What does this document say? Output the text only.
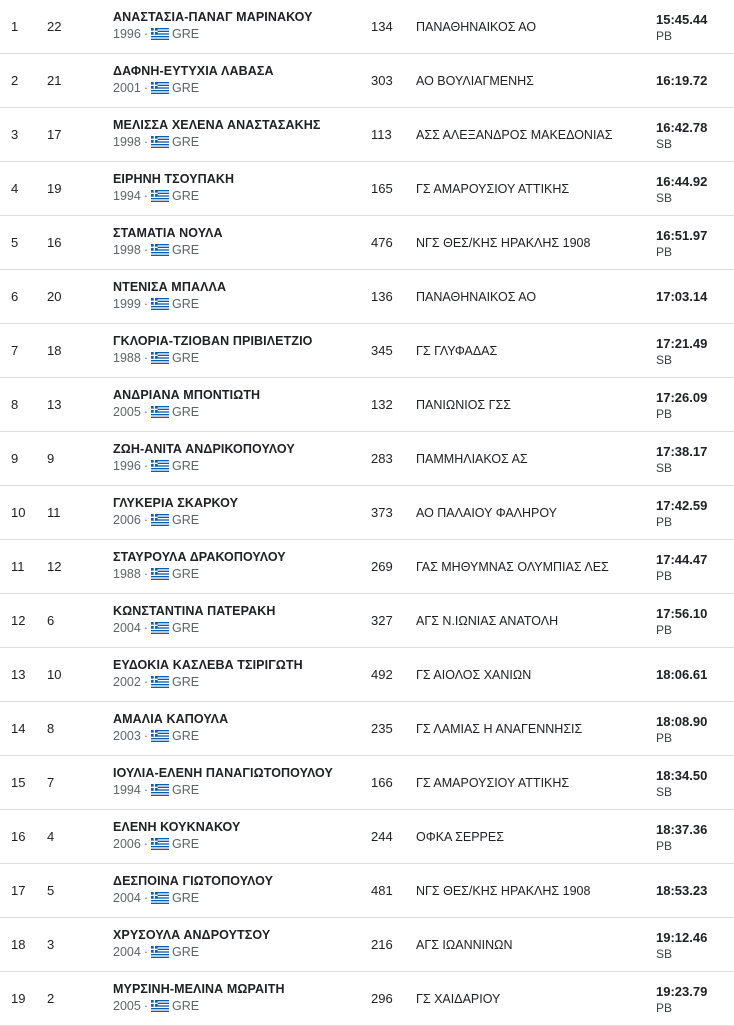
1 22
ΑΝΑΣΤΑΣΙΑ-ΠΑΝΑΓ ΜΑΡΙΝΑΚΟΥ
1996 · GRE	134 ΠΑΝΑΘΗΝΑΙΚΟΣ ΑΟ	15:45.44
PB
2 21
ΔΑΦΝΗ-ΕΥΤΥΧΙΑ ΛΑΒΑΣΑ
2001 · GRE	303 ΑΟ ΒΟΥΛΙΑΓΜΕΝΗΣ	16:19.72
3 17
ΜΕΛΙΣΣΑ ΧΕΛΕΝΑ ΑΝΑΣΤΑΣΑΚΗΣ
1998 · GRE	113 ΑΣΣ ΑΛΕΞΑΝΔΡΟΣ ΜΑΚΕΔΟΝΙΑΣ	16:42.78
SB
4 19
ΕΙΡΗΝΗ ΤΣΟΥΠΑΚΗ
1994 · GRE	165 ΓΣ ΑΜΑΡΟΥΣΙΟΥ ΑΤΤΙΚΗΣ	16:44.92
SB
5 16
ΣΤΑΜΑΤΙΑ ΝΟΥΛΑ
1998 · GRE	476 ΝΓΣ ΘΕΣ/ΚΗΣ ΗΡΑΚΛΗΣ 1908	16:51.97
PB
6 20
ΝΤΕΝΙΣΑ ΜΠΑΛΛΑ
1999 · GRE	136 ΠΑΝΑΘΗΝΑΙΚΟΣ ΑΟ	17:03.14
7 18
ΓΚΛΟΡΙΑ-ΤΖΙΟΒΑΝ ΠΡΙΒΙΛΕΤΖΙΟ
1988 · GRE	345 ΓΣ ΓΛΥΦΑΔΑΣ	17:21.49
SB
8 13
ΑΝΔΡΙΑΝΑ ΜΠΟΝΤΙΩΤΗ
2005 · GRE	132 ΠΑΝΙΩΝΙΟΣ ΓΣΣ	17:26.09
PB
9 9
ΖΩΗ-ΑΝΙΤΑ ΑΝΔΡΙΚΟΠΟΥΛΟΥ
1996 · GRE	283 ΠΑΜΜΗΛΙΑΚΟΣ ΑΣ	17:38.17
SB
10 11
ΓΛΥΚΕΡΙΑ ΣΚΑΡΚΟΥ
2006 · GRE	373 ΑΟ ΠΑΛΑΙΟΥ ΦΑΛΗΡΟΥ	17:42.59
PB
11 12
ΣΤΑΥΡΟΥΛΑ ΔΡΑΚΟΠΟΥΛΟΥ
1988 · GRE	269 ΓΑΣ ΜΗΘΥΜΝΑΣ ΟΛΥΜΠΙΑΣ ΛΕΣ	17:44.47
PB
12 6
ΚΩΝΣΤΑΝΤΙΝΑ ΠΑΤΕΡΑΚΗ
2004 · GRE	327 ΑΓΣ Ν.ΙΩΝΙΑΣ ΑΝΑΤΟΛΗ	17:56.10
PB
13 10
ΕΥΔΟΚΙΑ ΚΑΣΛΕΒΑ ΤΣΙΡΙΓΩΤΗ
2002 · GRE	492 ΓΣ ΑΙΟΛΟΣ ΧΑΝΙΩΝ	18:06.61
14 8
ΑΜΑΛΙΑ ΚΑΠΟΥΛΑ
2003 · GRE	235 ΓΣ ΛΑΜΙΑΣ Η ΑΝΑΓΕΝΝΗΣΙΣ	18:08.90
PB
15 7
ΙΟΥΛΙΑ-ΕΛΕΝΗ ΠΑΝΑΓΙΩΤΟΠΟΥΛΟΥ
1994 · GRE	166 ΓΣ ΑΜΑΡΟΥΣΙΟΥ ΑΤΤΙΚΗΣ	18:34.50
SB
16 4
ΕΛΕΝΗ ΚΟΥΚΝΑΚΟΥ
2006 · GRE	244 ΟΦΚΑ ΣΕΡΡΕΣ	18:37.36
PB
17 5
ΔΕΣΠΟΙΝΑ ΓΙΩΤΟΠΟΥΛΟΥ
2004 · GRE	481 ΝΓΣ ΘΕΣ/ΚΗΣ ΗΡΑΚΛΗΣ 1908	18:53.23
18 3
ΧΡΥΣΟΥΛΑ ΑΝΔΡΟΥΤΣΟΥ
2004 · GRE	216 ΑΓΣ ΙΩΑΝΝΙΝΩΝ	19:12.46
SB
19 2
ΜΥΡΣΙΝΗ-ΜΕΛΙΝΑ ΜΩΡΑΙΤΗ
2005 · GRE	296 ΓΣ ΧΑΙΔΑΡΙΟΥ	19:23.79
PB
